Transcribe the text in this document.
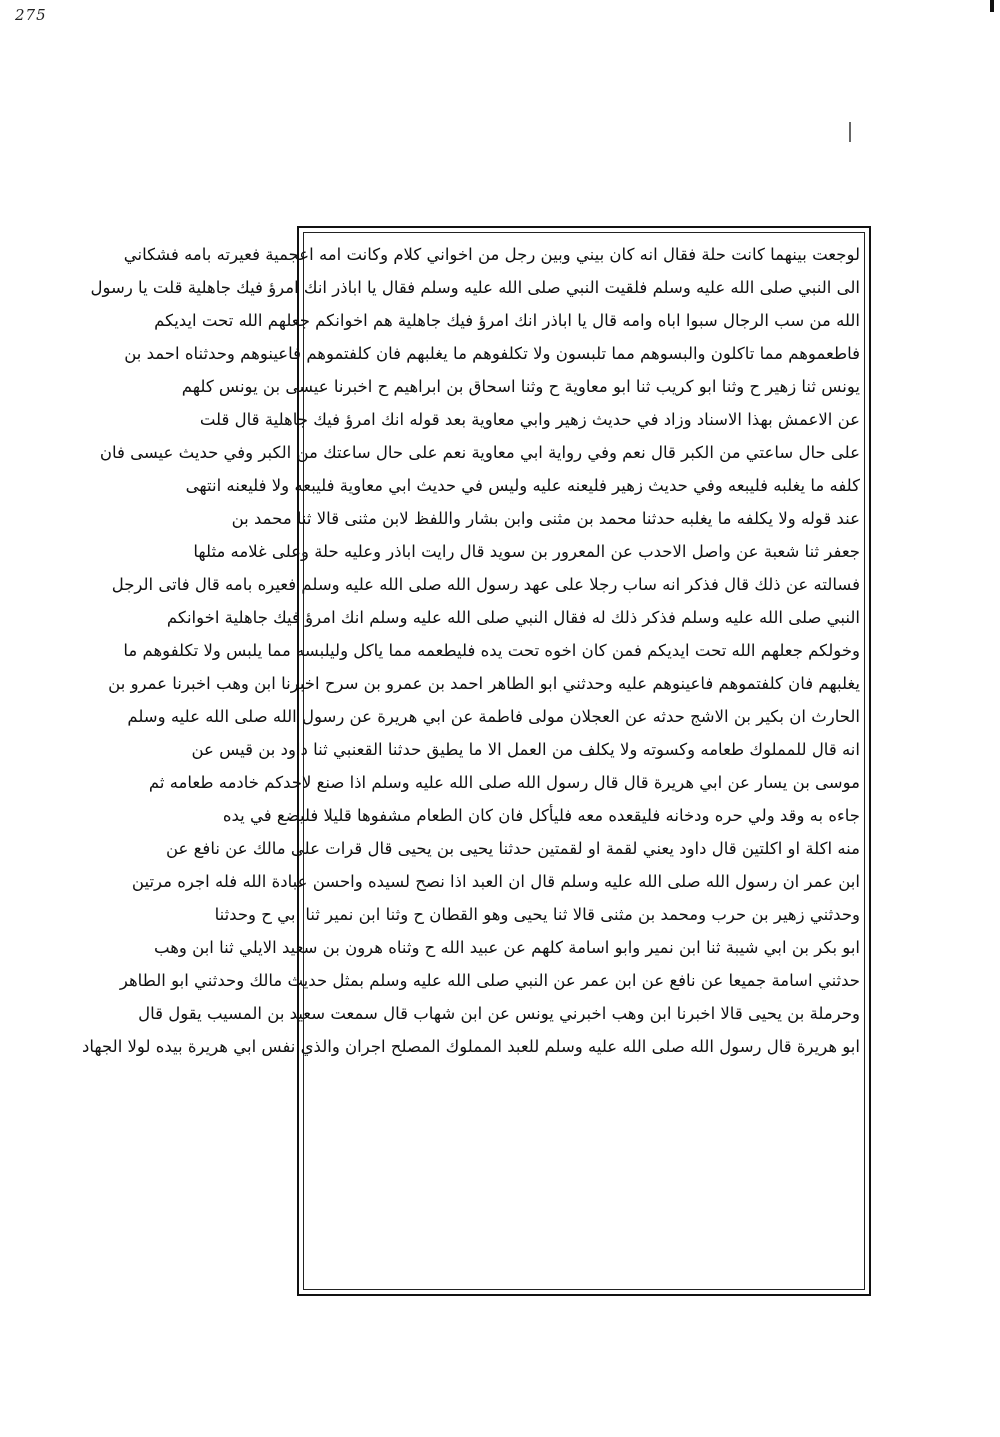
275
لوجعت بينهما كانت حلة فقال انه كان بيني وبين رجل من اخواني كلام وكانت امه اعجمية فعيرته بامه فشكاني
الى النبي صلى الله عليه وسلم فلقيت النبي صلى الله عليه وسلم فقال يا اباذر انك امرؤ فيك جاهلية قلت يا رسول
الله من سب الرجال سبوا اباه وامه قال يا اباذر انك امرؤ فيك جاهلية هم اخوانكم جعلهم الله تحت ايديكم
فاطعموهم مما تاكلون والبسوهم مما تلبسون ولا تكلفوهم ما يغلبهم فان كلفتموهم فاعينوهم وحدثناه احمد بن
يونس ثنا زهير ح وثنا ابو كريب ثنا ابو معاوية ح وثنا اسحاق بن ابراهيم ح اخبرنا عيسى بن يونس كلهم
عن الاعمش بهذا الاسناد وزاد في حديث زهير وابي معاوية بعد قوله انك امرؤ فيك جاهلية قال قلت
على حال ساعتي من الكبر قال نعم وفي رواية ابي معاوية نعم على حال ساعتك من الكبر وفي حديث عيسى فان
كلفه ما يغلبه فليبعه وفي حديث زهير فليعنه عليه وليس في حديث ابي معاوية فليبعه ولا فليعنه انتهى
عند قوله ولا يكلفه ما يغلبه حدثنا محمد بن مثنى وابن بشار واللفظ لابن مثنى قالا ثنا محمد بن
جعفر ثنا شعبة عن واصل الاحدب عن المعرور بن سويد قال رايت اباذر وعليه حلة وعلى غلامه مثلها
فسالته عن ذلك قال فذكر انه ساب رجلا على عهد رسول الله صلى الله عليه وسلم فعيره بامه قال فاتى الرجل
النبي صلى الله عليه وسلم فذكر ذلك له فقال النبي صلى الله عليه وسلم انك امرؤ فيك جاهلية اخوانكم
وخولكم جعلهم الله تحت ايديكم فمن كان اخوه تحت يده فليطعمه مما ياكل وليلبسه مما يلبس ولا تكلفوهم ما
يغلبهم فان كلفتموهم فاعينوهم عليه وحدثني ابو الطاهر احمد بن عمرو بن سرح اخبرنا ابن وهب اخبرنا عمرو بن
الحارث ان بكير بن الاشج حدثه عن العجلان مولى فاطمة عن ابي هريرة عن رسول الله صلى الله عليه وسلم
انه قال للمملوك طعامه وكسوته ولا يكلف من العمل الا ما يطيق حدثنا القعنبي ثنا داود بن قيس عن
موسى بن يسار عن ابي هريرة قال قال رسول الله صلى الله عليه وسلم اذا صنع لاحدكم خادمه طعامه ثم
جاءه به وقد ولي حره ودخانه فليقعده معه فليأكل فان كان الطعام مشفوها قليلا فليضع في يده
منه اكلة او اكلتين قال داود يعني لقمة او لقمتين حدثنا يحيى بن يحيى قال قرات على مالك عن نافع عن
ابن عمر ان رسول الله صلى الله عليه وسلم قال ان العبد اذا نصح لسيده واحسن عبادة الله فله اجره مرتين
وحدثني زهير بن حرب ومحمد بن مثنى قالا ثنا يحيى وهو القطان ح وثنا ابن نمير ثنا ابي ح وحدثنا
ابو بكر بن ابي شيبة ثنا ابن نمير وابو اسامة كلهم عن عبيد الله ح وثناه هرون بن سعيد الايلي ثنا ابن وهب
حدثني اسامة جميعا عن نافع عن ابن عمر عن النبي صلى الله عليه وسلم بمثل حديث مالك وحدثني ابو الطاهر
وحرملة بن يحيى قالا اخبرنا ابن وهب اخبرني يونس عن ابن شهاب قال سمعت سعيد بن المسيب يقول قال
ابو هريرة قال رسول الله صلى الله عليه وسلم للعبد المملوك المصلح اجران والذي نفس ابي هريرة بيده لولا الجهاد
